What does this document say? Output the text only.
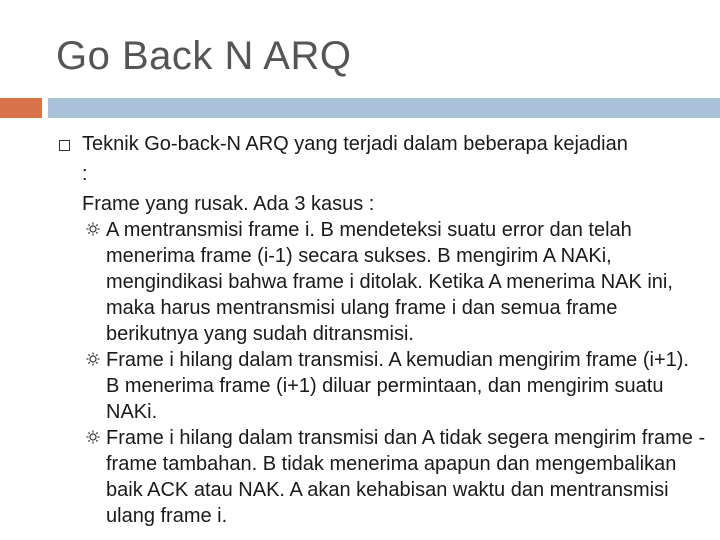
Go Back N ARQ
Teknik Go-back-N ARQ yang terjadi dalam beberapa kejadian
:
Frame yang rusak. Ada 3 kasus :
A mentransmisi frame i. B mendeteksi suatu error dan telah menerima frame (i-1) secara sukses. B mengirim A NAKi, mengindikasi bahwa frame i ditolak. Ketika A menerima NAK ini, maka harus mentransmisi ulang frame i dan semua frame berikutnya yang sudah ditransmisi.
Frame i hilang dalam transmisi. A kemudian mengirim frame (i+1). B menerima frame (i+1) diluar permintaan, dan mengirim suatu NAKi.
Frame i hilang dalam transmisi dan A tidak segera mengirim frame -frame tambahan. B tidak menerima apapun dan mengembalikan baik ACK atau NAK. A akan kehabisan waktu dan mentransmisi ulang frame i.
